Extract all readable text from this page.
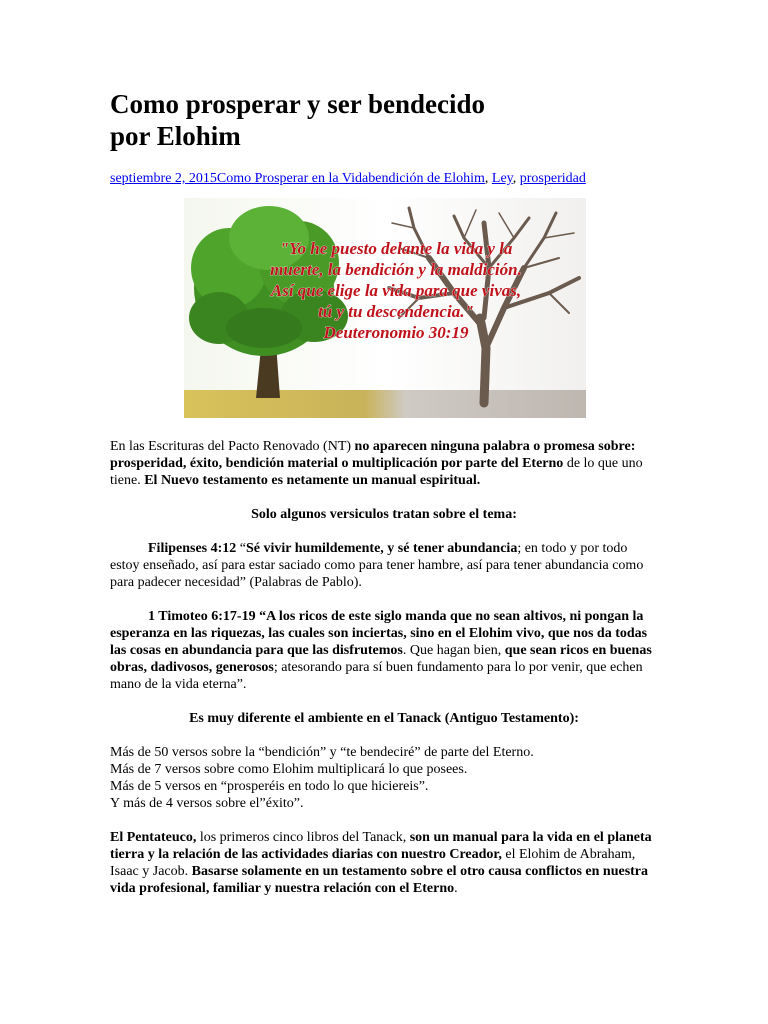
Como prosperar y ser bendecido
por Elohim
septiembre 2, 2015Como Prosperar en la Vidabendición de Elohim, Ley, prosperidad
"Yo he puesto delante la vida y la
muerte, la bendición y la maldición.
Así que elige la vida para que vivas,
tú y tu descendencia."
Deuteronomio 30:19

En las Escrituras del Pacto Renovado (NT) no aparecen ninguna palabra o promesa sobre: prosperidad, éxito, bendición material o multiplicación por parte del Eterno de lo que uno tiene. El Nuevo testamento es netamente un manual espiritual.

Solo algunos versiculos tratan sobre el tema:

Filipenses 4:12 “Sé vivir humildemente, y sé tener abundancia; en todo y por todo estoy enseñado, así para estar saciado como para tener hambre, así para tener abundancia como para padecer necesidad” (Palabras de Pablo).

1 Timoteo 6:17-19 “A los ricos de este siglo manda que no sean altivos, ni pongan la esperanza en las riquezas, las cuales son inciertas, sino en el Elohim vivo, que nos da todas las cosas en abundancia para que las disfrutemos. Que hagan bien, que sean ricos en buenas obras, dadivosos, generosos; atesorando para sí buen fundamento para lo por venir, que echen mano de la vida eterna”.

Es muy diferente el ambiente en el Tanack (Antiguo Testamento):

Más de 50 versos sobre la “bendición” y “te bendeciré” de parte del Eterno.

Más de 7 versos sobre como Elohim multiplicará lo que posees.

Más de 5 versos en “prosperéis en todo lo que hiciereis”.

Y más de 4 versos sobre el”éxito”.

El Pentateuco, los primeros cinco libros del Tanack, son un manual para la vida en el planeta tierra y la relación de las actividades diarias con nuestro Creador, el Elohim de Abraham, Isaac y Jacob. Basarse solamente en un testamento sobre el otro causa conflictos en nuestra vida profesional, familiar y nuestra relación con el Eterno.
